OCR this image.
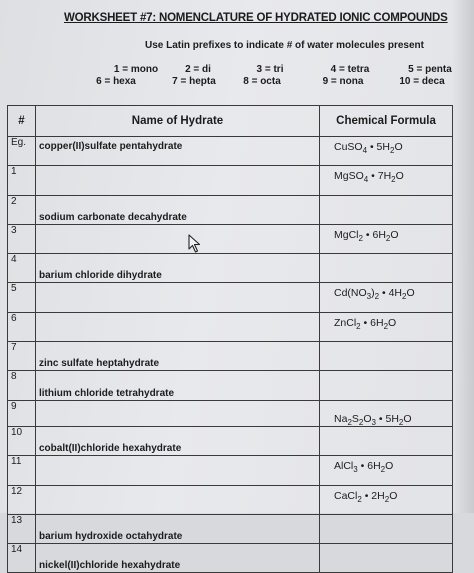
WORKSHEET #7: NOMENCLATURE OF HYDRATED IONIC COMPOUNDS
Use Latin prefixes to indicate # of water molecules present
1 = mono	2 = di	3 = tri	4 = tetra	5 = penta
6 = hexa	7 = hepta	8 = octa	9 = nona	10 = deca
#	Name of Hydrate	Chemical Formula
Eg.	copper(II)sulfate pentahydrate	CuSO$_4$ • $5H_2O$
1		MgSO$_4$ • $7H_2O$
2	sodium carbonate decahydrate	
3		MgCl$_2$ • $6H_2O$
4	barium chloride dihydrate	
5		$Cd(NO_3)_2$ • $4H_2O$
6		ZnCl$_2$ • $6H_2O$
7	zinc sulfate heptahydrate	
8	lithium chloride tetrahydrate	
9		$Na_2S_2O_3$ • $5H_2O$
10	cobalt(II)chloride hexahydrate	
11		AlCl$_3$ • $6H_2O$
12		CaCl$_2$ • $2H_2O$
13	barium hydroxide octahydrate	
14	nickel(II)chloride hexahydrate	
